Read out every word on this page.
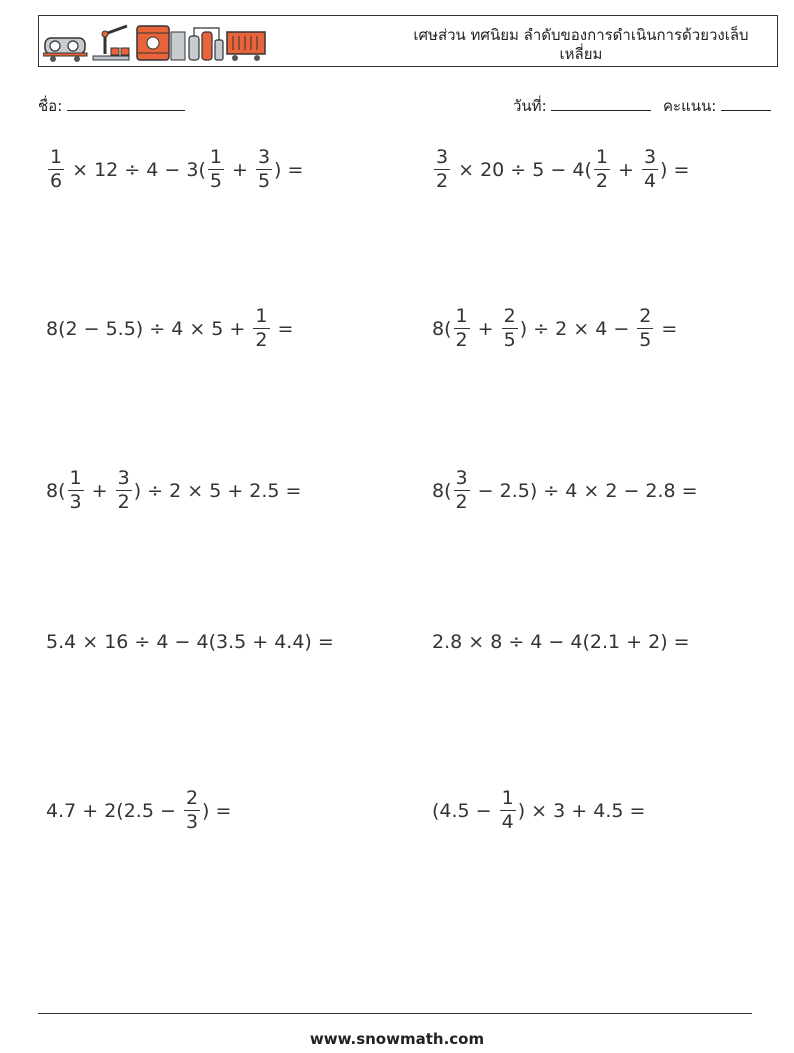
เศษส่วน ทศนิยม ลำดับของการดำเนินการด้วยวงเล็บ
เหลี่ยม
ชื่อ:	วันที่:	คะแนน:
$\frac{1}{6} \times 12 \div 4 - 3( \frac{1}{5} + \frac{3}{5}$ ) =	$\frac{3}{2} \times 20 \div 5 - 4( \frac{1}{2} + \frac{3}{4}$ ) =
$8(2 - 5.5) \div 4 \times 5 + \frac{1}{2}$ =	$8( \frac{1}{2} + \frac{2}{5}$ ) ÷ $2 \times 4 - \frac{2}{5}$ =
$8( \frac{1}{3} + \frac{3}{2}$ ) ÷ 2 × 5 + 2.5 =	$8( \frac{3}{2} - 2.5) \div 4 \times 2 - 2.8$ =
5.4 × 16 ÷ 4 − 4(3.5 + 4.4) =	2.8 × 8 ÷ 4 − 4(2.1 + 2) =
$4.7 + 2(2.5 - \frac{2}{3}$ ) =	($4.5 - \frac{1}{4}$ ) × 3 + 4.5 =
www.snowmath.com
